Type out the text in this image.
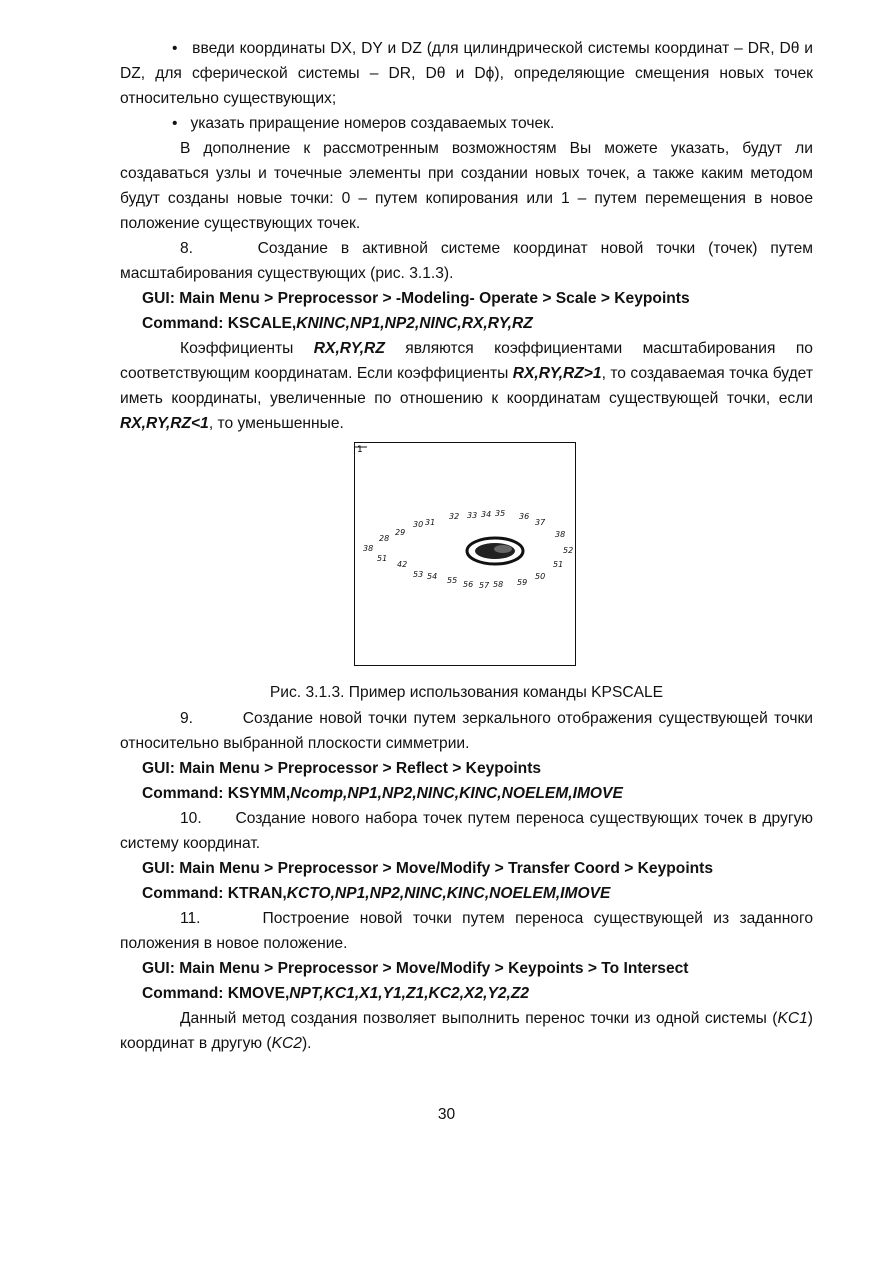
• введи координаты DX, DY и DZ (для цилиндрической системы координат – DR, Dθ и DZ, для сферической системы – DR, Dθ и Dϕ), определяющие смещения новых точек относительно существующих;

• указать приращение номеров создаваемых точек.

В дополнение к рассмотренным возможностям Вы можете указать, будут ли создаваться узлы и точечные элементы при создании новых точек, а также каким методом будут созданы новые точки: 0 – путем копирования или 1 – путем перемещения в новое положение существующих точек.

8.     Создание в активной системе координат новой точки (точек) путем масштабирования существующих (рис. 3.1.3).

GUI: Main Menu > Preprocessor > -Modeling- Operate > Scale > Keypoints

Command: KSCALE,KNINC,NP1,NP2,NINC,RX,RY,RZ

Коэффициенты RX,RY,RZ являются коэффициентами масштабирования по соответствующим координатам. Если коэффициенты RX,RY,RZ>1, то создаваемая точка будет иметь координаты, увеличенные по отношению к координатам существующей точки, если RX,RY,RZ<1, то уменьшенные.

1
28
29
30 31
32 33 34 35 36
37
38
38	52
51
42
53 54 55 56 57 58 59
50
51
Рис. 3.1.3. Пример использования команды KPSCALE

9.        Создание новой точки путем зеркального отображения существующей точки относительно выбранной плоскости симметрии.

GUI: Main Menu > Preprocessor > Reflect > Keypoints

Command: KSYMM,Ncomp,NP1,NP2,NINC,KINC,NOELEM,IMOVE

10.      Создание нового набора точек путем переноса существующих точек в другую систему координат.

GUI: Main Menu > Preprocessor > Move/Modify > Transfer Coord > Keypoints

Command: KTRAN,KCTO,NP1,NP2,NINC,KINC,NOELEM,IMOVE

11.      Построение новой точки путем переноса существующей из заданного положения в новое положение.

GUI: Main Menu > Preprocessor > Move/Modify > Keypoints > To Intersect

Command: KMOVE,NPT,KC1,X1,Y1,Z1,KC2,X2,Y2,Z2

Данный метод создания позволяет выполнить перенос точки из одной системы (KC1) координат в другую (KC2).

30
